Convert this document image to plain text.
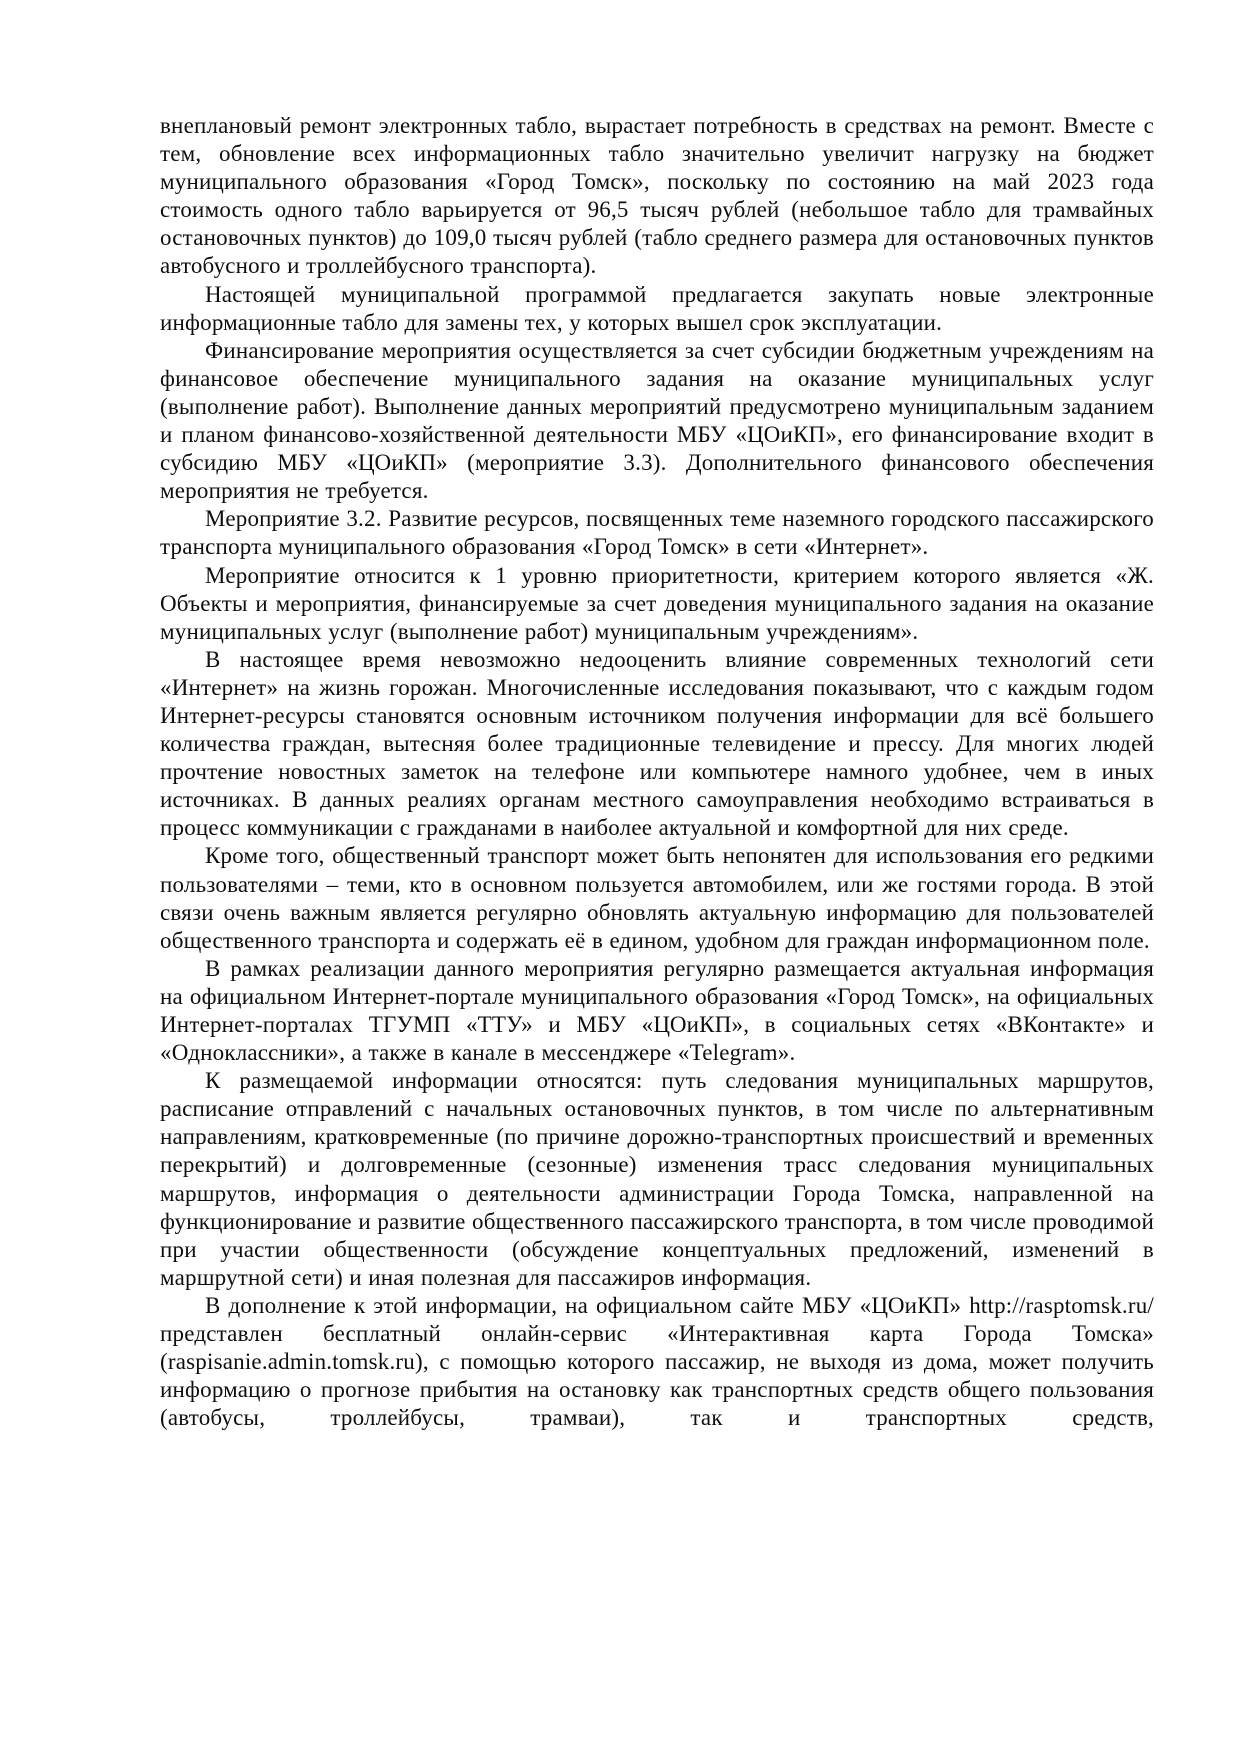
внеплановый ремонт электронных табло, вырастает потребность в средствах на ремонт. Вместе с тем, обновление всех информационных табло значительно увеличит нагрузку на бюджет муниципального образования «Город Томск», поскольку по состоянию на май 2023 года стоимость одного табло варьируется от 96,5 тысяч рублей (небольшое табло для трамвайных остановочных пунктов) до 109,0 тысяч рублей (табло среднего размера для остановочных пунктов автобусного и троллейбусного транспорта).

Настоящей муниципальной программой предлагается закупать новые электронные информационные табло для замены тех, у которых вышел срок эксплуатации.

Финансирование мероприятия осуществляется за счет субсидии бюджетным учреждениям на финансовое обеспечение муниципального задания на оказание муниципальных услуг (выполнение работ). Выполнение данных мероприятий предусмотрено муниципальным заданием и планом финансово-хозяйственной деятельности МБУ «ЦОиКП», его финансирование входит в субсидию МБУ «ЦОиКП» (мероприятие 3.3). Дополнительного финансового обеспечения мероприятия не требуется.

Мероприятие 3.2. Развитие ресурсов, посвященных теме наземного городского пассажирского транспорта муниципального образования «Город Томск» в сети «Интернет».

Мероприятие относится к 1 уровню приоритетности, критерием которого является «Ж. Объекты и мероприятия, финансируемые за счет доведения муниципального задания на оказание муниципальных услуг (выполнение работ) муниципальным учреждениям».

В настоящее время невозможно недооценить влияние современных технологий сети «Интернет» на жизнь горожан. Многочисленные исследования показывают, что с каждым годом Интернет-ресурсы становятся основным источником получения информации для всё большего количества граждан, вытесняя более традиционные телевидение и прессу. Для многих людей прочтение новостных заметок на телефоне или компьютере намного удобнее, чем в иных источниках. В данных реалиях органам местного самоуправления необходимо встраиваться в процесс коммуникации с гражданами в наиболее актуальной и комфортной для них среде.

Кроме того, общественный транспорт может быть непонятен для использования его редкими пользователями – теми, кто в основном пользуется автомобилем, или же гостями города. В этой связи очень важным является регулярно обновлять актуальную информацию для пользователей общественного транспорта и содержать её в едином, удобном для граждан информационном поле.

В рамках реализации данного мероприятия регулярно размещается актуальная информация на официальном Интернет-портале муниципального образования «Город Томск», на официальных Интернет-порталах ТГУМП «ТТУ» и МБУ «ЦОиКП», в социальных сетях «ВКонтакте» и «Одноклассники», а также в канале в мессенджере «Telegram».

К размещаемой информации относятся: путь следования муниципальных маршрутов, расписание отправлений с начальных остановочных пунктов, в том числе по альтернативным направлениям, кратковременные (по причине дорожно-транспортных происшествий и временных перекрытий) и долговременные (сезонные) изменения трасс следования муниципальных маршрутов, информация о деятельности администрации Города Томска, направленной на функционирование и развитие общественного пассажирского транспорта, в том числе проводимой при участии общественности (обсуждение концептуальных предложений, изменений в маршрутной сети) и иная полезная для пассажиров информация.

В дополнение к этой информации, на официальном сайте МБУ «ЦОиКП» http://rasptomsk.ru/ представлен бесплатный онлайн-сервис «Интерактивная карта Города Томска» (raspisanie.admin.tomsk.ru), с помощью которого пассажир, не выходя из дома, может получить информацию о прогнозе прибытия на остановку как транспортных средств общего пользования (автобусы, троллейбусы, трамваи), так и транспортных средств,
